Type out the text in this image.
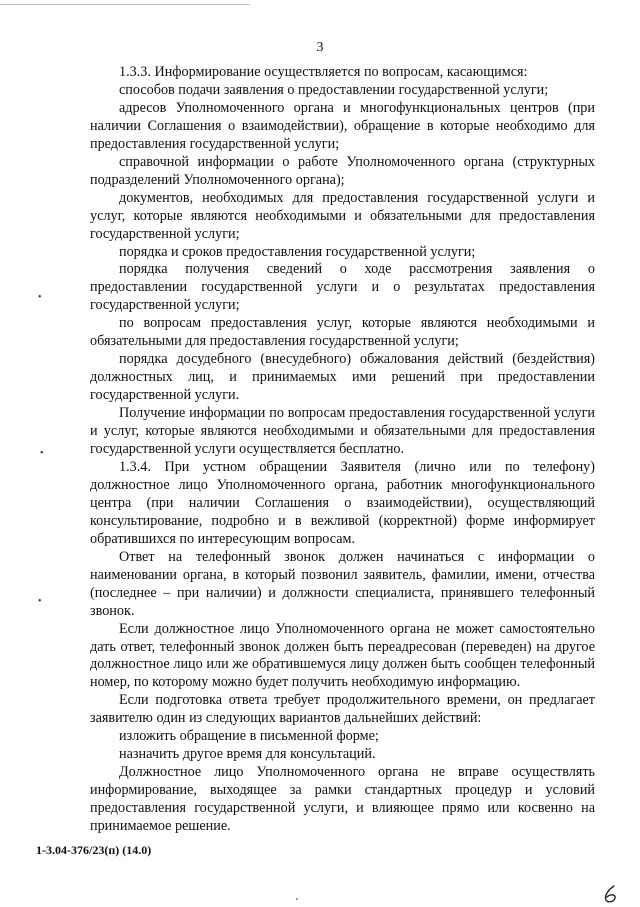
3

1.3.3. Информирование осуществляется по вопросам, касающимся:

способов подачи заявления о предоставлении государственной услуги;

адресов Уполномоченного органа и многофункциональных центров (при наличии Соглашения о взаимодействии), обращение в которые необходимо для предоставления государственной услуги;

справочной информации о работе Уполномоченного органа (структурных подразделений Уполномоченного органа);

документов, необходимых для предоставления государственной услуги и услуг, которые являются необходимыми и обязательными для предоставления государственной услуги;

порядка и сроков предоставления государственной услуги;

порядка получения сведений о ходе рассмотрения заявления о предоставлении государственной услуги и о результатах предоставления государственной услуги;

по вопросам предоставления услуг, которые являются необходимыми и обязательными для предоставления государственной услуги;

порядка досудебного (внесудебного) обжалования действий (бездействия) должностных лиц, и принимаемых ими решений при предоставлении государственной услуги.

Получение информации по вопросам предоставления государственной услуги и услуг, которые являются необходимыми и обязательными для предоставления государственной услуги осуществляется бесплатно.

1.3.4. При устном обращении Заявителя (лично или по телефону) должностное лицо Уполномоченного органа, работник многофункционального центра (при наличии Соглашения о взаимодействии), осуществляющий консультирование, подробно и в вежливой (корректной) форме информирует обратившихся по интересующим вопросам.

Ответ на телефонный звонок должен начинаться с информации о наименовании органа, в который позвонил заявитель, фамилии, имени, отчества (последнее – при наличии) и должности специалиста, принявшего телефонный звонок.

Если должностное лицо Уполномоченного органа не может самостоятельно дать ответ, телефонный звонок должен быть переадресован (переведен) на другое должностное лицо или же обратившемуся лицу должен быть сообщен телефонный номер, по которому можно будет получить необходимую информацию.

Если подготовка ответа требует продолжительного времени, он предлагает заявителю один из следующих вариантов дальнейших действий:

изложить обращение в письменной форме;

назначить другое время для консультаций.

Должностное лицо Уполномоченного органа не вправе осуществлять информирование, выходящее за рамки стандартных процедур и условий предоставления государственной услуги, и влияющее прямо или косвенно на принимаемое решение.

•
•
•
1-3.04-376/23(п) (14.0)
